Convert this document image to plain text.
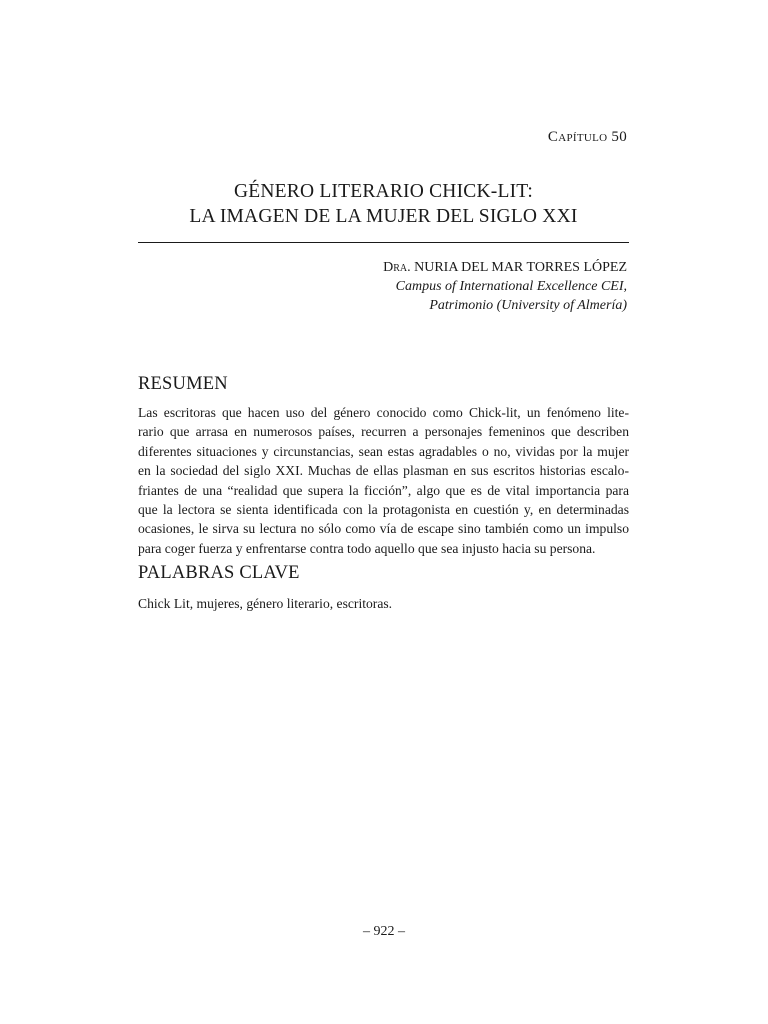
Capítulo 50
GÉNERO LITERARIO CHICK-LIT:
LA IMAGEN DE LA MUJER DEL SIGLO XXI
Dra. NURIA DEL MAR TORRES LÓPEZ
Campus of International Excellence CEI,
Patrimonio (University of Almería)
RESUMEN
Las escritoras que hacen uso del género conocido como Chick-lit, un fenómeno lite-
rario que arrasa en numerosos países, recurren a personajes femeninos que describen
diferentes situaciones y circunstancias, sean estas agradables o no, vividas por la mujer
en la sociedad del siglo XXI. Muchas de ellas plasman en sus escritos historias escalo-
friantes de una “realidad que supera la ficción”, algo que es de vital importancia para
que la lectora se sienta identificada con la protagonista en cuestión y, en determinadas
ocasiones, le sirva su lectura no sólo como vía de escape sino también como un impulso
para coger fuerza y enfrentarse contra todo aquello que sea injusto hacia su persona.
PALABRAS CLAVE
Chick Lit, mujeres, género literario, escritoras.
– 922 –
